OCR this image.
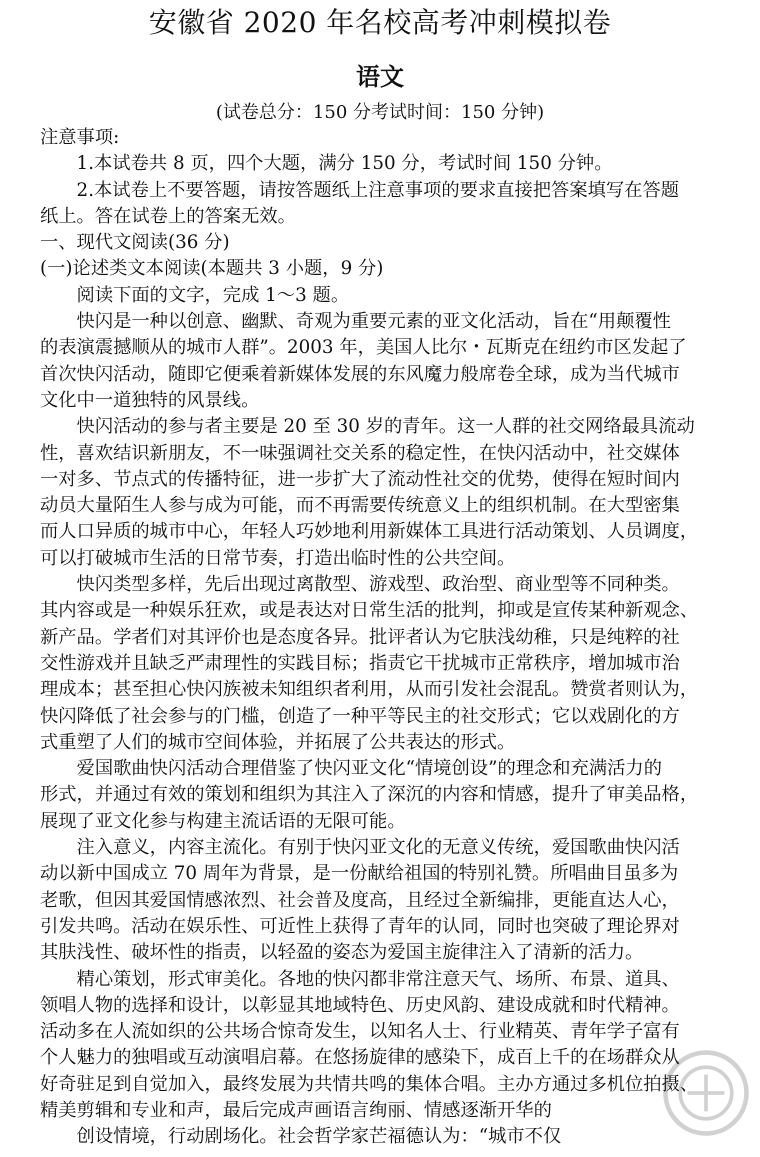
安徽省 2020 年名校高考冲刺模拟卷
语文
(试卷总分：150 分考试时间：150 分钟)
注意事项:
　　1.本试卷共 8 页，四个大题，满分 150 分，考试时间 150 分钟。
　　2.本试卷上不要答题，请按答题纸上注意事项的要求直接把答案填写在答题
纸上。答在试卷上的答案无效。
一、现代文阅读(36 分)
(一)论述类文本阅读(本题共 3 小题，9 分)
　　阅读下面的文字，完成 1～3 题。
　　快闪是一种以创意、幽默、奇观为重要元素的亚文化活动，旨在“用颠覆性
的表演震撼顺从的城市人群”。2003 年，美国人比尔・瓦斯克在纽约市区发起了
首次快闪活动，随即它便乘着新媒体发展的东风魔力般席卷全球，成为当代城市
文化中一道独特的风景线。
　　快闪活动的参与者主要是 20 至 30 岁的青年。这一人群的社交网络最具流动
性，喜欢结识新朋友，不一味强调社交关系的稳定性，在快闪活动中，社交媒体
一对多、节点式的传播特征，进一步扩大了流动性社交的优势，使得在短时间内
动员大量陌生人参与成为可能，而不再需要传统意义上的组织机制。在大型密集
而人口异质的城市中心，年轻人巧妙地利用新媒体工具进行活动策划、人员调度，
可以打破城市生活的日常节奏，打造出临时性的公共空间。
　　快闪类型多样，先后出现过离散型、游戏型、政治型、商业型等不同种类。
其内容或是一种娱乐狂欢，或是表达对日常生活的批判，抑或是宣传某种新观念、
新产品。学者们对其评价也是态度各异。批评者认为它肤浅幼稚，只是纯粹的社
交性游戏并且缺乏严肃理性的实践目标；指责它干扰城市正常秩序，增加城市治
理成本；甚至担心快闪族被未知组织者利用，从而引发社会混乱。赞赏者则认为，
快闪降低了社会参与的门槛，创造了一种平等民主的社交形式；它以戏剧化的方
式重塑了人们的城市空间体验，并拓展了公共表达的形式。
　　爱国歌曲快闪活动合理借鉴了快闪亚文化“情境创设”的理念和充满活力的
形式，并通过有效的策划和组织为其注入了深沉的内容和情感，提升了审美品格，
展现了亚文化参与构建主流话语的无限可能。
　　注入意义，内容主流化。有别于快闪亚文化的无意义传统，爱国歌曲快闪活
动以新中国成立 70 周年为背景，是一份献给祖国的特别礼赞。所唱曲目虽多为
老歌，但因其爱国情感浓烈、社会普及度高，且经过全新编排，更能直达人心，
引发共鸣。活动在娱乐性、可近性上获得了青年的认同，同时也突破了理论界对
其肤浅性、破坏性的指责，以轻盈的姿态为爱国主旋律注入了清新的活力。
　　精心策划，形式审美化。各地的快闪都非常注意天气、场所、布景、道具、
领唱人物的选择和设计，以彰显其地域特色、历史风韵、建设成就和时代精神。
活动多在人流如织的公共场合惊奇发生，以知名人士、行业精英、青年学子富有
个人魅力的独唱或互动演唱启幕。在悠扬旋律的感染下，成百上千的在场群众从
好奇驻足到自觉加入，最终发展为共情共鸣的集体合唱。主办方通过多机位拍摄、
精美剪辑和专业和声，最后完成声画语言绚丽、情感逐渐开华的
　　创设情境，行动剧场化。社会哲学家芒福德认为：“城市不仅
